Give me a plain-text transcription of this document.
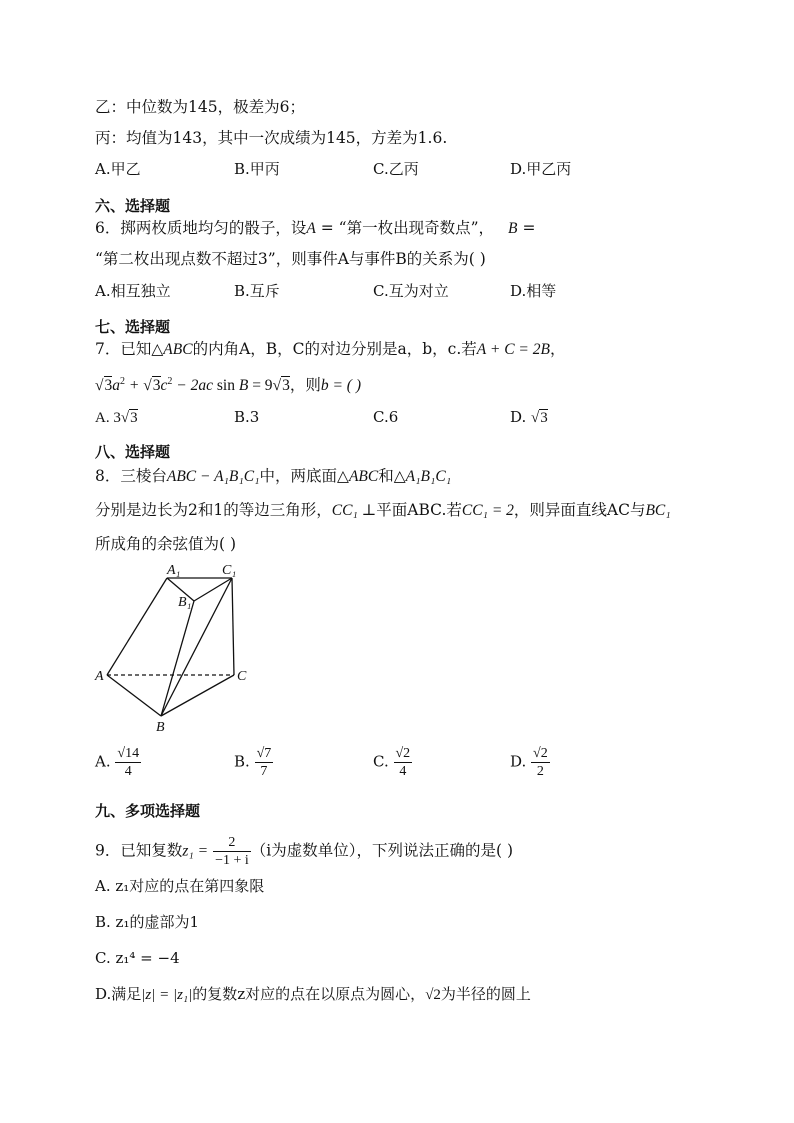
乙：中位数为145，极差为6；
丙：均值为143，其中一次成绩为145，方差为1.6.
A.甲乙	B.甲丙	C.乙丙	D.甲乙丙
六、选择题
6．掷两枚质地均匀的骰子，设A = “第一枚出现奇数点”， B =
“第二枚出现点数不超过3”，则事件A与事件B的关系为( )
A.相互独立	B.互斥	C.互为对立	D.相等
七、选择题
7．已知△ABC的内角A，B，C的对边分别是a，b，c.若A + C = 2B，
$√3a^2 + √3c^2 - 2ac$ sin B = 9√3，则b = ( )
A. 3√3	B.3	C.6	D. √3
八、选择题
8．三棱台ABC − A₁B₁C₁中，两底面△ABC和△A₁B₁C₁
分别是边长为2和1的等边三角形，CC₁ ⊥平面ABC.若CC₁ = 2，则异面直线AC与BC₁
所成角的余弦值为( )
A₁	C₁
B₁
A
B
C
A. $\frac{√14}{4}$	B. $\frac{√7}{7}$	C. $\frac{√2}{4}$	D. $\frac{√2}{2}$
九、多项选择题
9．已知复数$z_1 = \frac{2}{-1 + i} (i$为虚数单位），下列说法正确的是( )
A. z₁对应的点在第四象限
B. z₁的虚部为1
C. z₁⁴ = −4
D.满足|z| = |z₁|的复数z对应的点在以原点为圆心，√2为半径的圆上
